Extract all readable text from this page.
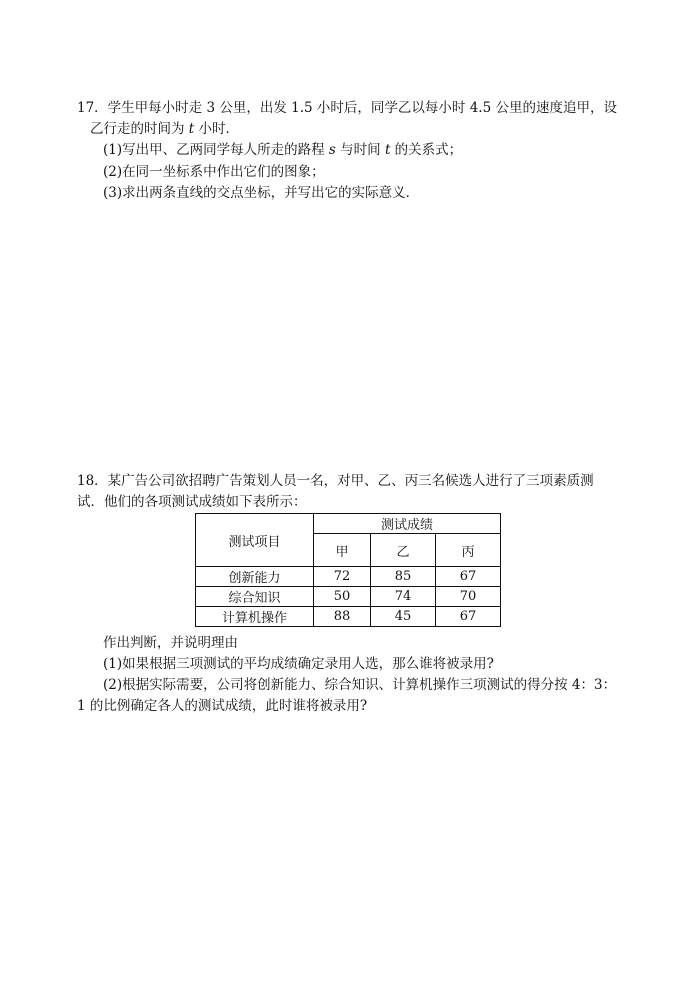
17．学生甲每小时走 3 公里，出发 1.5 小时后，同学乙以每小时 4.5 公里的速度追甲，设
乙行走的时间为 t 小时．
(1)写出甲、乙两同学每人所走的路程 s 与时间 t 的关系式；
(2)在同一坐标系中作出它们的图象；
(3)求出两条直线的交点坐标，并写出它的实际意义．
18．某广告公司欲招聘广告策划人员一名，对甲、乙、丙三名候选人进行了三项素质测
试．他们的各项测试成绩如下表所示：
测试项目	测试成绩		
	甲	乙	丙
创新能力	72	85	67
综合知识	50	74	70
计算机操作	88	45	67
作出判断，并说明理由
(1)如果根据三项测试的平均成绩确定录用人选，那么谁将被录用?
(2)根据实际需要，公司将创新能力、综合知识、计算机操作三项测试的得分按 4：3：
1 的比例确定各人的测试成绩，此时谁将被录用?
